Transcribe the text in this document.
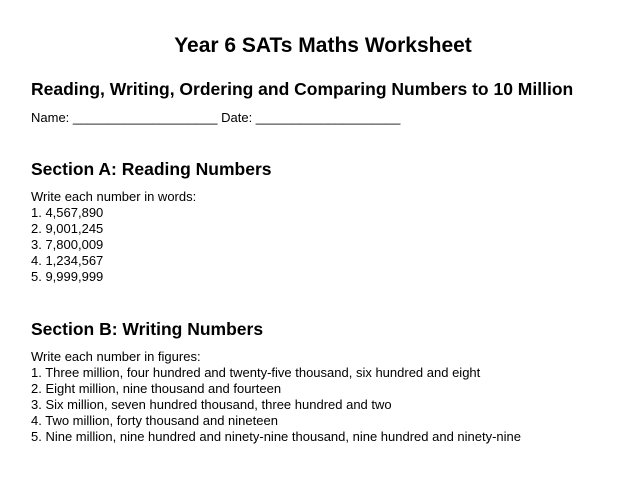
Year 6 SATs Maths Worksheet
Reading, Writing, Ordering and Comparing Numbers to 10 Million
Name: ____________________ Date: ____________________
Section A: Reading Numbers
Write each number in words:
1. 4,567,890
2. 9,001,245
3. 7,800,009
4. 1,234,567
5. 9,999,999
Section B: Writing Numbers
Write each number in figures:
1. Three million, four hundred and twenty-five thousand, six hundred and eight
2. Eight million, nine thousand and fourteen
3. Six million, seven hundred thousand, three hundred and two
4. Two million, forty thousand and nineteen
5. Nine million, nine hundred and ninety-nine thousand, nine hundred and ninety-nine
